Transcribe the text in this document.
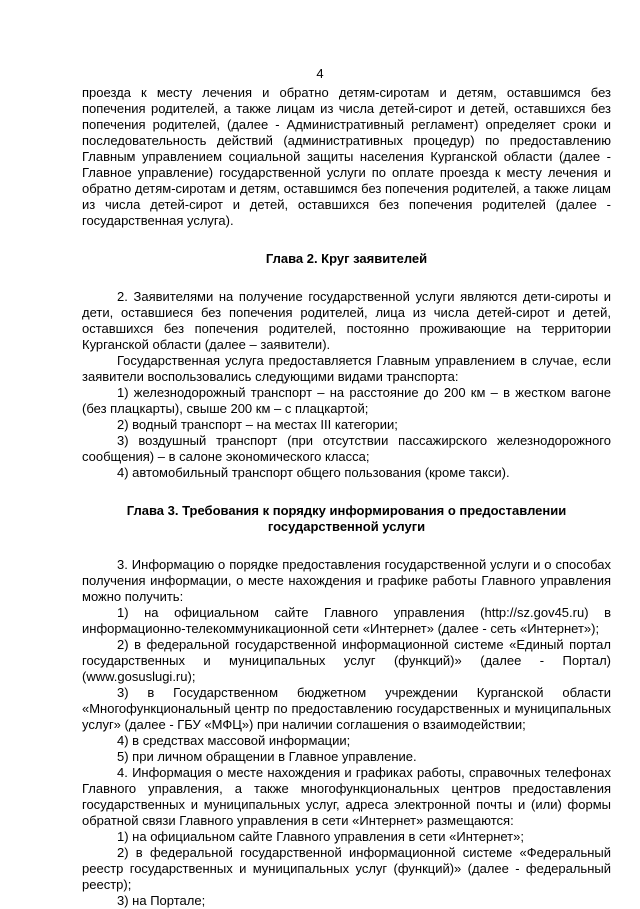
4

проезда к месту лечения и обратно детям-сиротам и детям, оставшимся без попечения родителей, а также лицам из числа детей-сирот и детей, оставшихся без попечения родителей, (далее - Административный регламент) определяет сроки и последовательность действий (административных процедур) по предоставлению Главным управлением социальной защиты населения Курганской области (далее - Главное управление) государственной услуги по оплате проезда к месту лечения и обратно детям-сиротам и детям, оставшимся без попечения родителей, а также лицам из числа детей-сирот и детей, оставшихся без попечения родителей (далее - государственная услуга).

Глава 2. Круг заявителей

2. Заявителями на получение государственной услуги являются дети-сироты и дети, оставшиеся без попечения родителей, лица из числа детей-сирот и детей, оставшихся без попечения родителей, постоянно проживающие на территории Курганской области (далее – заявители).

Государственная услуга предоставляется Главным управлением в случае, если заявители воспользовались следующими видами транспорта:

1) железнодорожный транспорт – на расстояние до 200 км – в жестком вагоне (без плацкарты), свыше 200 км – с плацкартой;

2) водный транспорт – на местах III категории;

3) воздушный транспорт (при отсутствии пассажирского железнодорожного сообщения) – в салоне экономического класса;

4) автомобильный транспорт общего пользования (кроме такси).

Глава 3. Требования к порядку информирования о предоставлении

государственной услуги

3. Информацию о порядке предоставления государственной услуги и о способах получения информации, о месте нахождения и графике работы Главного управления можно получить:

1) на официальном сайте Главного управления (http://sz.gov45.ru) в информационно-телекоммуникационной сети «Интернет» (далее - сеть «Интернет»);

2) в федеральной государственной информационной системе «Единый портал государственных и муниципальных услуг (функций)» (далее - Портал) (www.gosuslugi.ru);

3) в Государственном бюджетном учреждении Курганской области «Многофункциональный центр по предоставлению государственных и муниципальных услуг» (далее - ГБУ «МФЦ») при наличии соглашения о взаимодействии;

4) в средствах массовой информации;

5) при личном обращении в Главное управление.

4. Информация о месте нахождения и графиках работы, справочных телефонах Главного управления, а также многофункциональных центров предоставления государственных и муниципальных услуг, адреса электронной почты и (или) формы обратной связи Главного управления в сети «Интернет» размещаются:

1) на официальном сайте Главного управления в сети «Интернет»;

2) в федеральной государственной информационной системе «Федеральный реестр государственных и муниципальных услуг (функций)» (далее - федеральный реестр);

3) на Портале;
